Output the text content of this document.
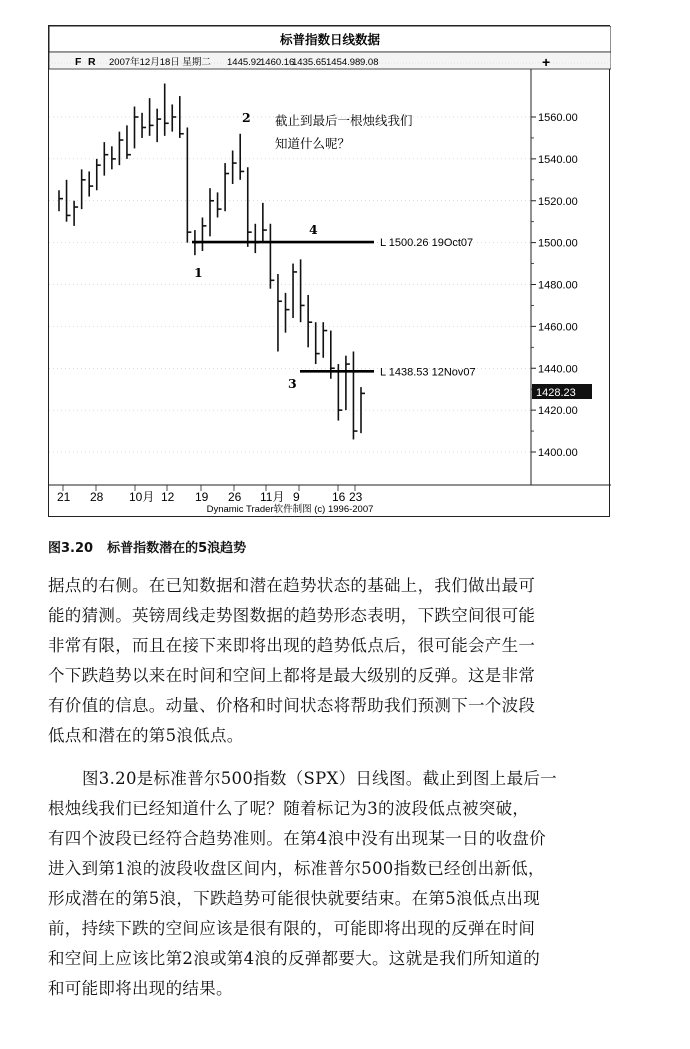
标普指数日线数据
F R 2007年12月18日 星期二 1445.92
1460.16
1435.65 1454.98 9.08	+
L 1500.26 19Oct07
L 1438.53 12Nov07
截止到最后一根烛线我们
知道什么呢？
1
2
3
4
1560.00
1540.00
1520.00
1500.00
1480.00
1460.00
1440.00
1420.00
1400.00
1428.23
21 28 10月 12 19 26 11月 9	16 23
Dynamic Trader软件制图 (c) 1996-2007
图3.20 标普指数潜在的5浪趋势
据点的右侧。在已知数据和潜在趋势状态的基础上，我们做出最可
能的猜测。英镑周线走势图数据的趋势形态表明，下跌空间很可能
非常有限，而且在接下来即将出现的趋势低点后，很可能会产生一
个下跌趋势以来在时间和空间上都将是最大级别的反弹。这是非常
有价值的信息。动量、价格和时间状态将帮助我们预测下一个波段
低点和潜在的第5浪低点。
图3.20是标准普尔500指数（SPX）日线图。截止到图上最后一
根烛线我们已经知道什么了呢？随着标记为3的波段低点被突破，
有四个波段已经符合趋势准则。在第4浪中没有出现某一日的收盘价
进入到第1浪的波段收盘区间内，标准普尔500指数已经创出新低，
形成潜在的第5浪，下跌趋势可能很快就要结束。在第5浪低点出现
前，持续下跌的空间应该是很有限的，可能即将出现的反弹在时间
和空间上应该比第2浪或第4浪的反弹都要大。这就是我们所知道的
和可能即将出现的结果。
